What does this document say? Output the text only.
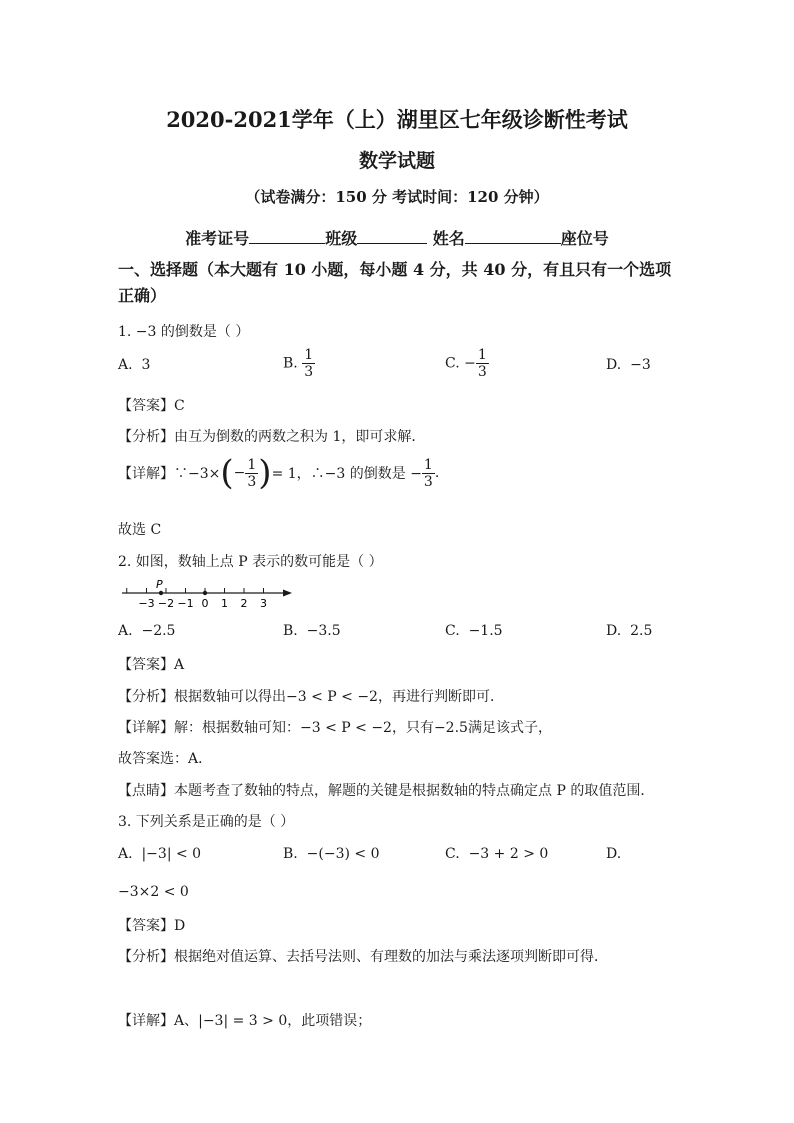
2020-2021学年（上）湖里区七年级诊断性考试
数学试题
（试卷满分：150 分 考试时间：120 分钟）
准考证号	班级	姓名	座位号
一、选择题（本大题有 10 小题，每小题 4 分，共 40 分，有且只有一个选项正确）
1. −3 的倒数是（ ）
A. 3	B. $\frac{1}{3}$	C. − $\frac{1}{3}$	D. −3
【答案】C
【分析】由互为倒数的两数之积为 1，即可求解．
【详解】∵−3×(− $\frac{1}{3}$ )= 1，∴−3 的倒数是 − $\frac{1}{3}$ .
故选 C
2. 如图，数轴上点 P 表示的数可能是（ ）
−3 −2 −1 0 1 2 3
P
A. −2.5	B. −3.5	C. −1.5	D. 2.5
【答案】A
【分析】根据数轴可以得出−3 < P < −2，再进行判断即可．
【详解】解：根据数轴可知：−3 < P < −2，只有−2.5满足该式子，
故答案选：A．
【点睛】本题考查了数轴的特点，解题的关键是根据数轴的特点确定点 P 的取值范围．
3. 下列关系是正确的是（ ）
A. |−3| < 0	B. −(−3) < 0	C. −3 + 2 > 0	D.
−3×2 < 0
【答案】D
【分析】根据绝对值运算、去括号法则、有理数的加法与乘法逐项判断即可得．
【详解】A、|−3| = 3 > 0，此项错误；
